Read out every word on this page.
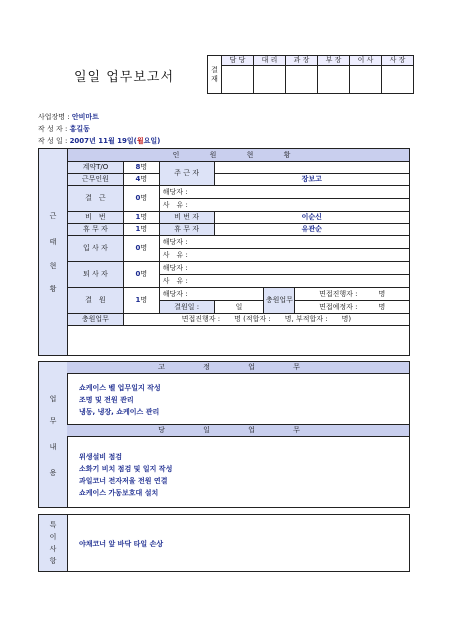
일일 업무보고서
결
재	담 당	대 리	과 장	부 장	이 사	사 장

사업장명 : 안비마트
작 성 자 : 홍길동
작 성 일 : 2007년 11월 19일(월요일)
근
태
현
황
인 원 현 황					
계약T/O	8명	주 근 자			
근무인원	4명		장보고		
결　근	0명	해당자 :			
		사　유 :			
비　번	1명	비 번 자	이순신		
휴 무 자	1명	휴 무 자	유관순		
입 사 자	0명	해당자 :			
		사　유 :			
퇴 사 자	0명	해당자 :			
		사　유 :			
결　원	1명	해당자 :		충원업무	면접진행자 :　　　 명
		결원일 :	일		면접예정자 :　　　 명
충원업무	면접진행자 :　　명 (적합자 :　　명, 부적합자 :　　명)				
업
무
내
용
고 정 업 무
쇼케이스 벨 업무일지 작성
조명 및 전원 관리
냉동, 냉장, 쇼케이스 관리
당 일 업 무
위생설비 점검
소화기 비치 점검 및 일지 작성
과일코너 전자저울 전원 연결
쇼케이스 가동보호대 설치
특
이
사
항
야채코너 앞 바닥 타일 손상
